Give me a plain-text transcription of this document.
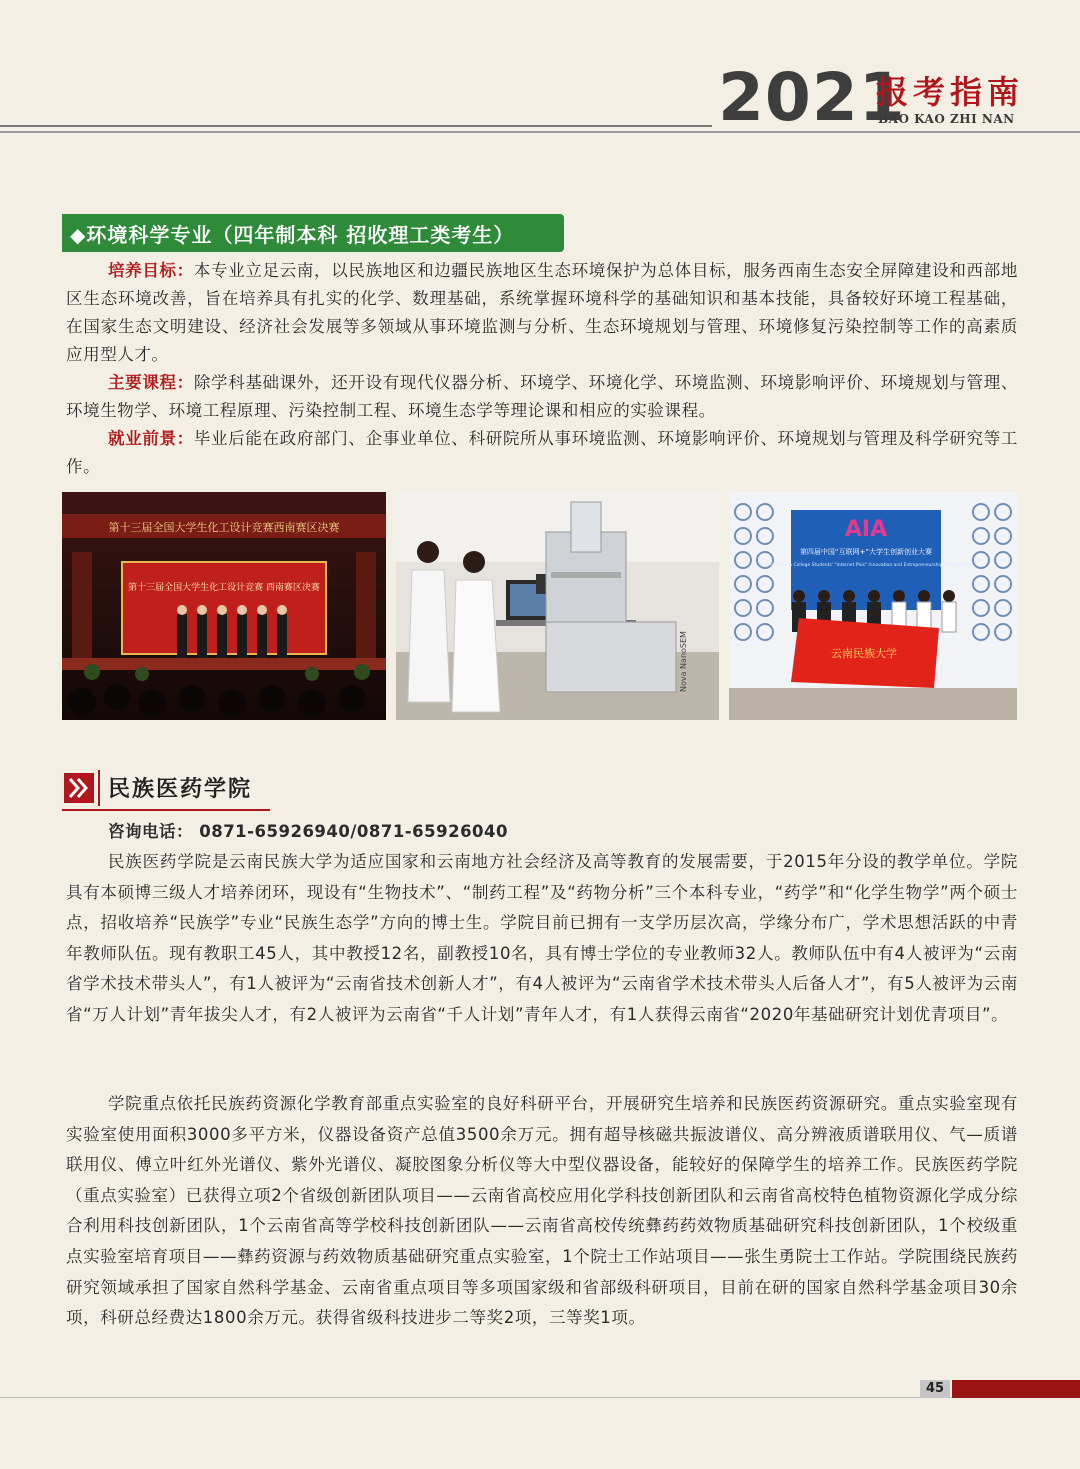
2021
报考指南
BAO KAO ZHI NAN
◆环境科学专业（四年制本科 招收理工类考生）
培养目标：本专业立足云南，以民族地区和边疆民族地区生态环境保护为总体目标，服务西南生态安全屏障建设和西部地区生态环境改善，旨在培养具有扎实的化学、数理基础，系统掌握环境科学的基础知识和基本技能，具备较好环境工程基础，在国家生态文明建设、经济社会发展等多领域从事环境监测与分析、生态环境规划与管理、环境修复污染控制等工作的高素质应用型人才。
主要课程：除学科基础课外，还开设有现代仪器分析、环境学、环境化学、环境监测、环境影响评价、环境规划与管理、环境生物学、环境工程原理、污染控制工程、环境生态学等理论课和相应的实验课程。
就业前景：毕业后能在政府部门、企事业单位、科研院所从事环境监测、环境影响评价、环境规划与管理及科学研究等工作。
第十三届全国大学生化工设计竞赛西南赛区决赛
第十三届全国大学生化工设计竞赛 西南赛区决赛
Nova NanoSEM
AIA
第四届中国“互联网+”大学生创新创业大赛
The 4th China College Students' "Internet Plus" Innovation and Entrepreneurship Competition
云南民族大学
民族医药学院
咨询电话： 0871-65926940/0871-65926040
民族医药学院是云南民族大学为适应国家和云南地方社会经济及高等教育的发展需要，于2015年分设的教学单位。学院具有本硕博三级人才培养闭环，现设有“生物技术”、“制药工程”及“药物分析”三个本科专业，“药学”和“化学生物学”两个硕士点，招收培养“民族学”专业“民族生态学”方向的博士生。学院目前已拥有一支学历层次高，学缘分布广，学术思想活跃的中青年教师队伍。现有教职工45人，其中教授12名，副教授10名，具有博士学位的专业教师32人。教师队伍中有4人被评为“云南省学术技术带头人”，有1人被评为“云南省技术创新人才”，有4人被评为“云南省学术技术带头人后备人才”，有5人被评为云南省“万人计划”青年拔尖人才，有2人被评为云南省“千人计划”青年人才，有1人获得云南省“2020年基础研究计划优青项目”。
学院重点依托民族药资源化学教育部重点实验室的良好科研平台，开展研究生培养和民族医药资源研究。重点实验室现有实验室使用面积3000多平方米，仪器设备资产总值3500余万元。拥有超导核磁共振波谱仪、高分辨液质谱联用仪、气—质谱联用仪、傅立叶红外光谱仪、紫外光谱仪、凝胶图象分析仪等大中型仪器设备，能较好的保障学生的培养工作。民族医药学院（重点实验室）已获得立项2个省级创新团队项目——云南省高校应用化学科技创新团队和云南省高校特色植物资源化学成分综合利用科技创新团队，1个云南省高等学校科技创新团队——云南省高校传统彝药药效物质基础研究科技创新团队，1个校级重点实验室培育项目——彝药资源与药效物质基础研究重点实验室，1个院士工作站项目——张生勇院士工作站。学院围绕民族药研究领域承担了国家自然科学基金、云南省重点项目等多项国家级和省部级科研项目，目前在研的国家自然科学基金项目30余项，科研总经费达1800余万元。获得省级科技进步二等奖2项，三等奖1项。
45
